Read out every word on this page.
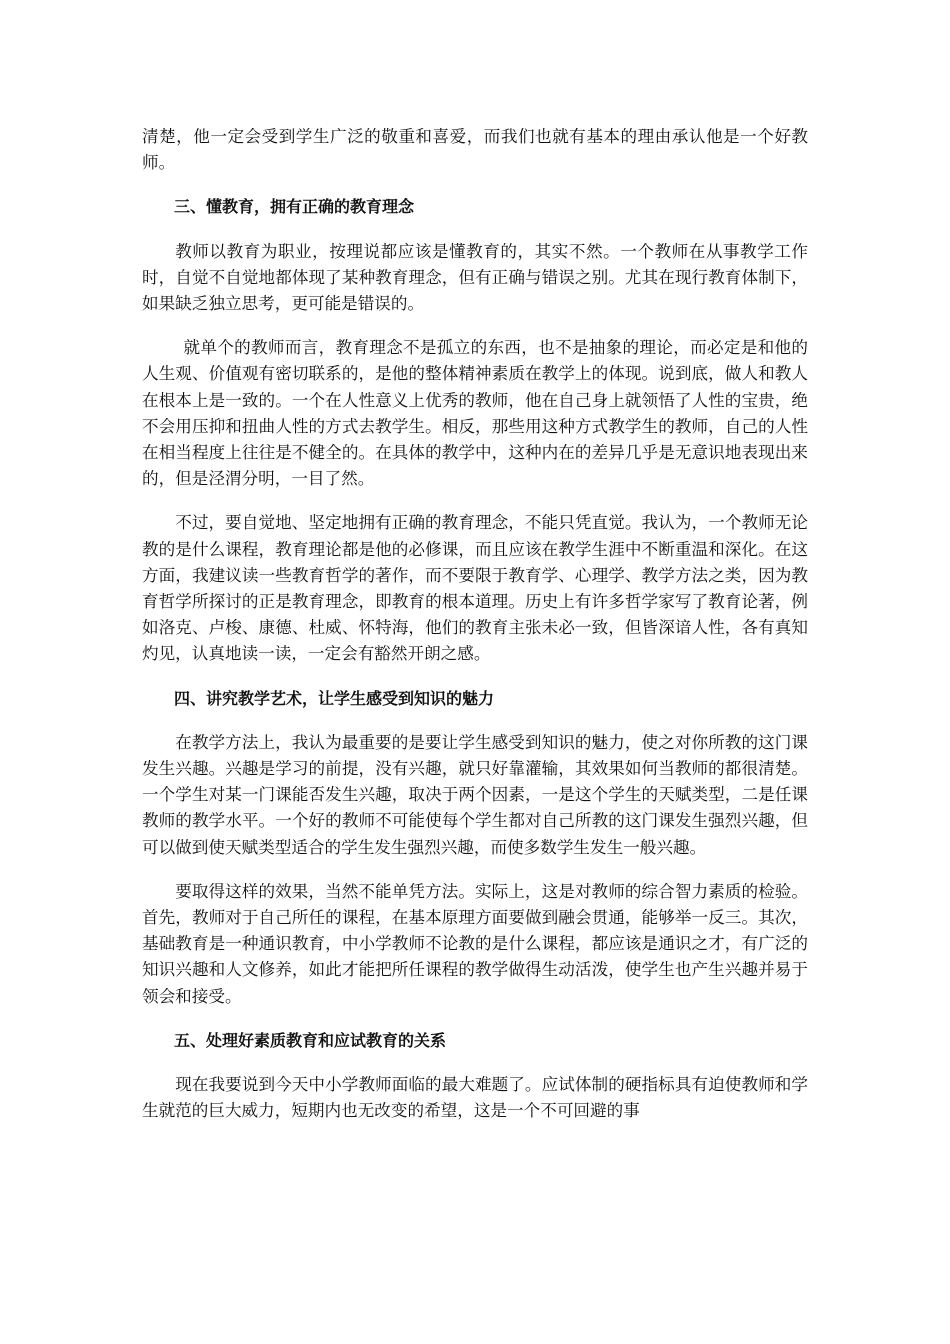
清楚，他一定会受到学生广泛的敬重和喜爱，而我们也就有基本的理由承认他是一个好教师。

三、懂教育，拥有正确的教育理念

教师以教育为职业，按理说都应该是懂教育的，其实不然。一个教师在从事教学工作时，自觉不自觉地都体现了某种教育理念，但有正确与错误之别。尤其在现行教育体制下，如果缺乏独立思考，更可能是错误的。

就单个的教师而言，教育理念不是孤立的东西，也不是抽象的理论，而必定是和他的人生观、价值观有密切联系的，是他的整体精神素质在教学上的体现。说到底，做人和教人在根本上是一致的。一个在人性意义上优秀的教师，他在自己身上就领悟了人性的宝贵，绝不会用压抑和扭曲人性的方式去教学生。相反，那些用这种方式教学生的教师，自己的人性在相当程度上往往是不健全的。在具体的教学中，这种内在的差异几乎是无意识地表现出来的，但是泾渭分明，一目了然。

不过，要自觉地、坚定地拥有正确的教育理念，不能只凭直觉。我认为，一个教师无论教的是什么课程，教育理论都是他的必修课，而且应该在教学生涯中不断重温和深化。在这方面，我建议读一些教育哲学的著作，而不要限于教育学、心理学、教学方法之类，因为教育哲学所探讨的正是教育理念，即教育的根本道理。历史上有许多哲学家写了教育论著，例如洛克、卢梭、康德、杜威、怀特海，他们的教育主张未必一致，但皆深谙人性，各有真知灼见，认真地读一读，一定会有豁然开朗之感。

四、讲究教学艺术，让学生感受到知识的魅力

在教学方法上，我认为最重要的是要让学生感受到知识的魅力，使之对你所教的这门课发生兴趣。兴趣是学习的前提，没有兴趣，就只好靠灌输，其效果如何当教师的都很清楚。一个学生对某一门课能否发生兴趣，取决于两个因素，一是这个学生的天赋类型，二是任课教师的教学水平。一个好的教师不可能使每个学生都对自己所教的这门课发生强烈兴趣，但可以做到使天赋类型适合的学生发生强烈兴趣，而使多数学生发生一般兴趣。

要取得这样的效果，当然不能单凭方法。实际上，这是对教师的综合智力素质的检验。首先，教师对于自己所任的课程，在基本原理方面要做到融会贯通，能够举一反三。其次，基础教育是一种通识教育，中小学教师不论教的是什么课程，都应该是通识之才，有广泛的知识兴趣和人文修养，如此才能把所任课程的教学做得生动活泼，使学生也产生兴趣并易于领会和接受。

五、处理好素质教育和应试教育的关系

现在我要说到今天中小学教师面临的最大难题了。应试体制的硬指标具有迫使教师和学生就范的巨大威力，短期内也无改变的希望，这是一个不可回避的事
